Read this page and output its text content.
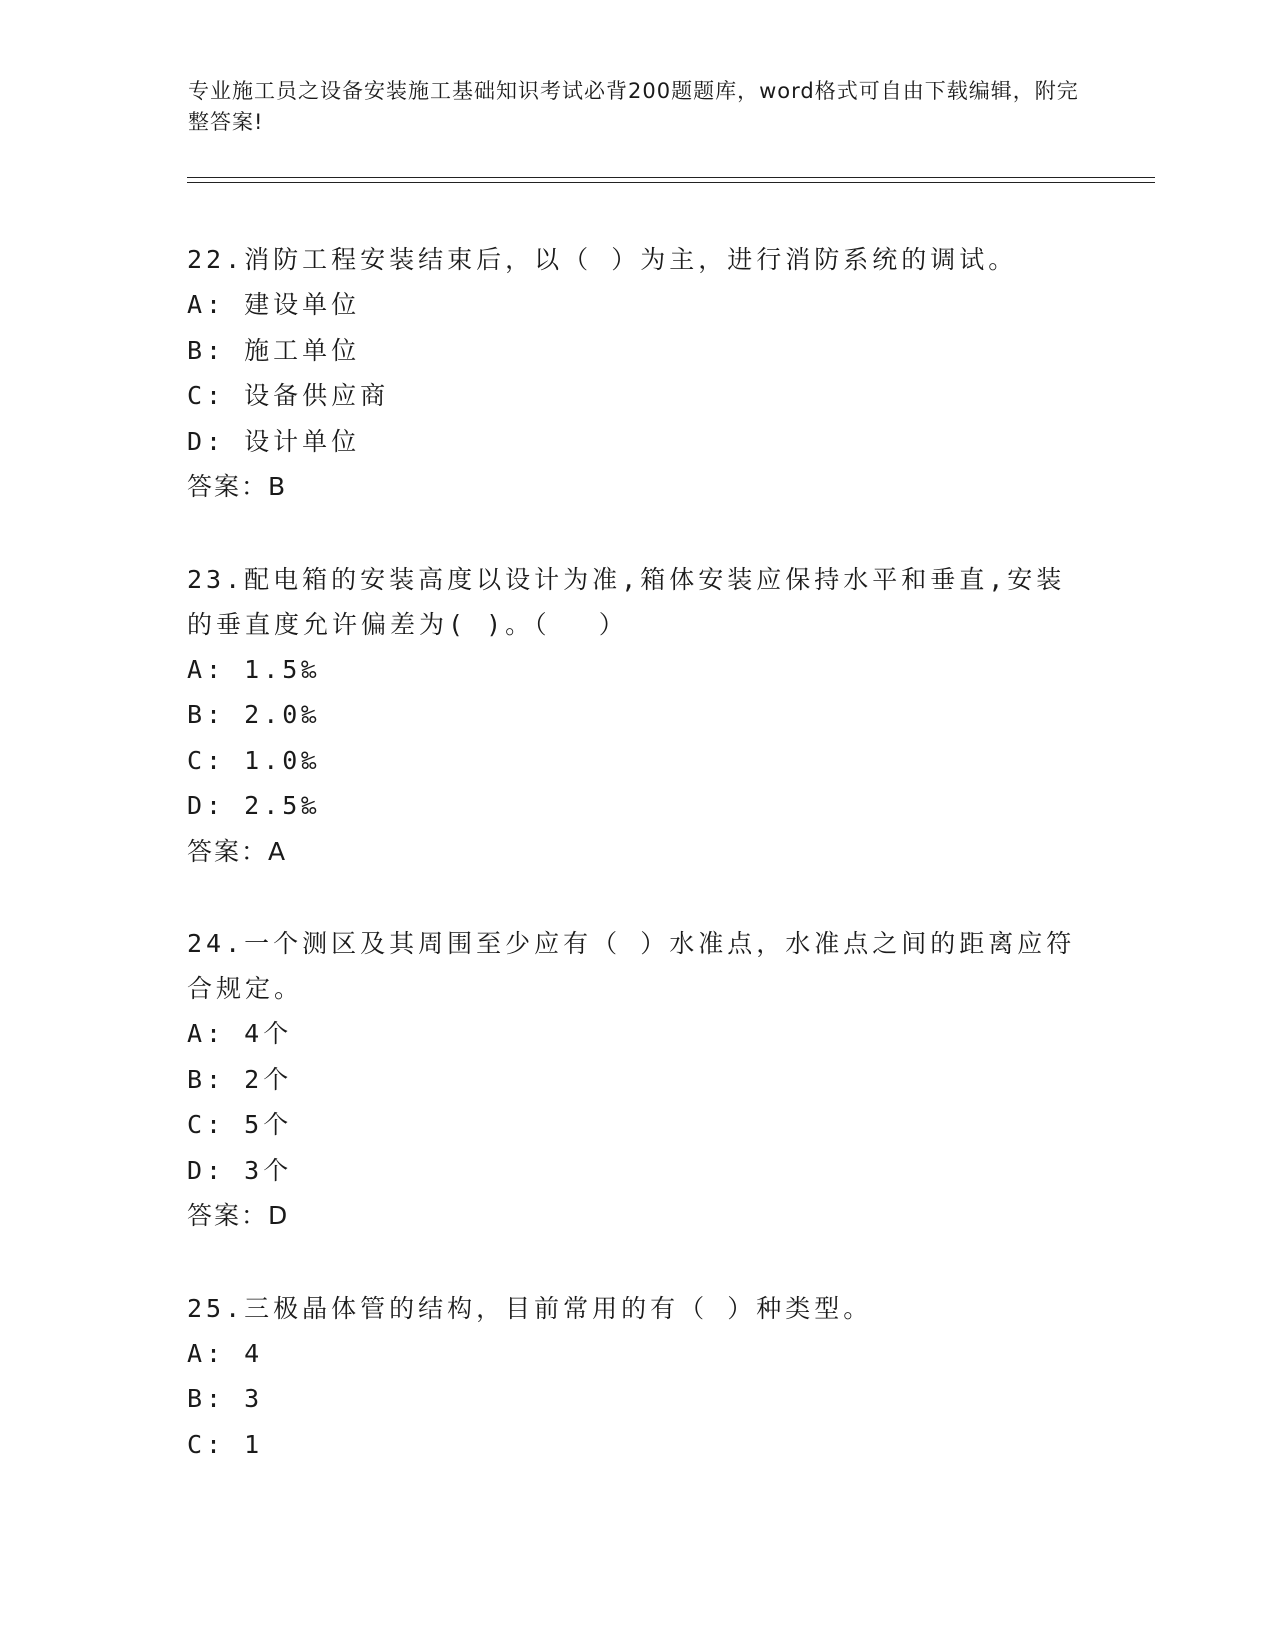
专业施工员之设备安装施工基础知识考试必背200题题库，word格式可自由下载编辑，附完整答案!
22.消防工程安装结束后，以（ ）为主，进行消防系统的调试。
A: 建设单位
B: 施工单位
C: 设备供应商
D: 设计单位
答案：B
23.配电箱的安装高度以设计为准,箱体安装应保持水平和垂直,安装的垂直度允许偏差为( )。（　 ）
A: 1.5‰
B: 2.0‰
C: 1.0‰
D: 2.5‰
答案：A
24.一个测区及其周围至少应有（ ）水准点，水准点之间的距离应符合规定。
A: 4个
B: 2个
C: 5个
D: 3个
答案：D
25.三极晶体管的结构，目前常用的有（ ）种类型。
A: 4
B: 3
C: 1
